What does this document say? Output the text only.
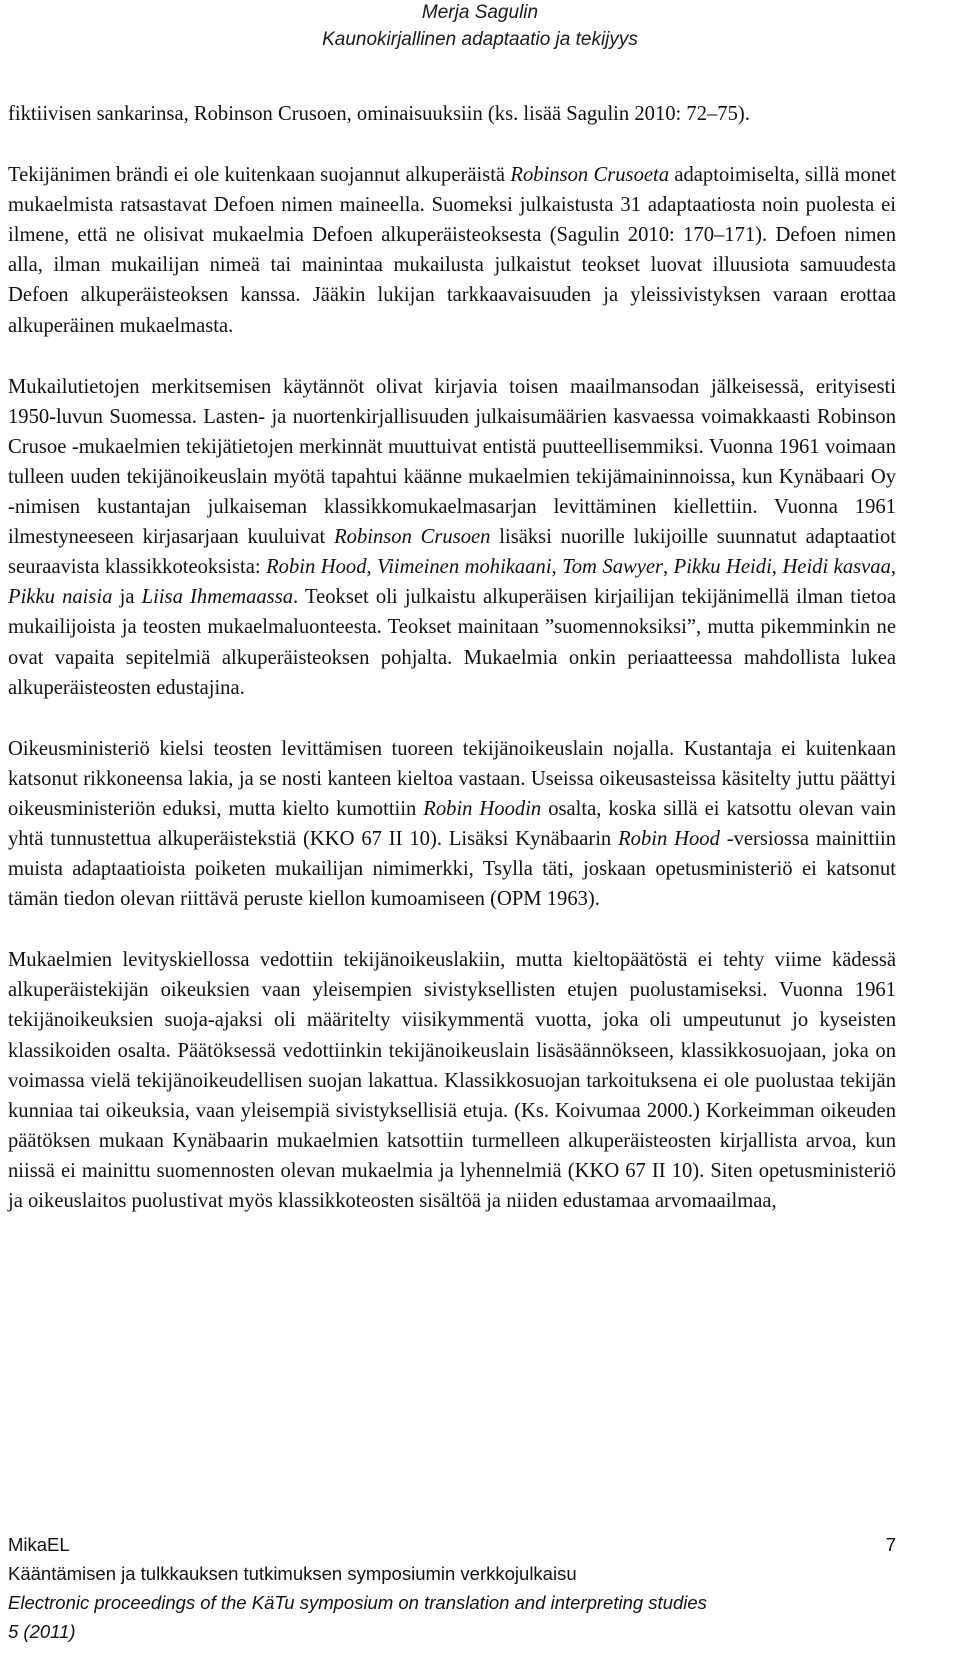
Merja Sagulin
Kaunokirjallinen adaptaatio ja tekijyys

fiktiivisen sankarinsa, Robinson Crusoen, ominaisuuksiin (ks. lisää Sagulin 2010: 72–75).

Tekijänimen brändi ei ole kuitenkaan suojannut alkuperäistä Robinson Crusoeta adaptoimiselta, sillä monet mukaelmista ratsastavat Defoen nimen maineella. Suomeksi julkaistusta 31 adaptaatiosta noin puolesta ei ilmene, että ne olisivat mukaelmia Defoen alkuperäisteoksesta (Sagulin 2010: 170–171). Defoen nimen alla, ilman mukailijan nimeä tai mainintaa mukailusta julkaistut teokset luovat illuusiota samuudesta Defoen alkuperäisteoksen kanssa. Jääkin lukijan tarkkaavaisuuden ja yleissivistyksen varaan erottaa alkuperäinen mukaelmasta.

Mukailutietojen merkitsemisen käytännöt olivat kirjavia toisen maailmansodan jälkeisessä, erityisesti 1950-luvun Suomessa. Lasten- ja nuortenkirjallisuuden julkaisumäärien kasvaessa voimakkaasti Robinson Crusoe -mukaelmien tekijätietojen merkinnät muuttuivat entistä puutteellisemmiksi. Vuonna 1961 voimaan tulleen uuden tekijänoikeuslain myötä tapahtui käänne mukaelmien tekijämaininnoissa, kun Kynäbaari Oy -nimisen kustantajan julkaiseman klassikkomukaelmasarjan levittäminen kiellettiin. Vuonna 1961 ilmestyneeseen kirjasarjaan kuuluivat Robinson Crusoen lisäksi nuorille lukijoille suunnatut adaptaatiot seuraavista klassikkoteoksista: Robin Hood, Viimeinen mohikaani, Tom Sawyer, Pikku Heidi, Heidi kasvaa, Pikku naisia ja Liisa Ihmemaassa. Teokset oli julkaistu alkuperäisen kirjailijan tekijänimellä ilman tietoa mukailijoista ja teosten mukaelmaluonteesta. Teokset mainitaan ”suomennoksiksi”, mutta pikemminkin ne ovat vapaita sepitelmiä alkuperäisteoksen pohjalta. Mukaelmia onkin periaatteessa mahdollista lukea alkuperäisteosten edustajina.

Oikeusministeriö kielsi teosten levittämisen tuoreen tekijänoikeuslain nojalla. Kustantaja ei kuitenkaan katsonut rikkoneensa lakia, ja se nosti kanteen kieltoa vastaan. Useissa oikeusasteissa käsitelty juttu päättyi oikeusministeriön eduksi, mutta kielto kumottiin Robin Hoodin osalta, koska sillä ei katsottu olevan vain yhtä tunnustettua alkuperäistekstiä (KKO 67 II 10). Lisäksi Kynäbaarin Robin Hood -versiossa mainittiin muista adaptaatioista poiketen mukailijan nimimerkki, Tsylla täti, joskaan opetusministeriö ei katsonut tämän tiedon olevan riittävä peruste kiellon kumoamiseen (OPM 1963).

Mukaelmien levityskiellossa vedottiin tekijänoikeuslakiin, mutta kieltopäätöstä ei tehty viime kädessä alkuperäistekijän oikeuksien vaan yleisempien sivistyksellisten etujen puolustamiseksi. Vuonna 1961 tekijänoikeuksien suoja-ajaksi oli määritelty viisikymmentä vuotta, joka oli umpeutunut jo kyseisten klassikoiden osalta. Päätöksessä vedottiinkin tekijänoikeuslain lisäsäännökseen, klassikkosuojaan, joka on voimassa vielä tekijänoikeudellisen suojan lakattua. Klassikkosuojan tarkoituksena ei ole puolustaa tekijän kunniaa tai oikeuksia, vaan yleisempiä sivistyksellisiä etuja. (Ks. Koivumaa 2000.) Korkeimman oikeuden päätöksen mukaan Kynäbaarin mukaelmien katsottiin turmelleen alkuperäisteosten kirjallista arvoa, kun niissä ei mainittu suomennosten olevan mukaelmia ja lyhennelmiä (KKO 67 II 10). Siten opetusministeriö ja oikeuslaitos puolustivat myös klassikkoteosten sisältöä ja niiden edustamaa arvomaailmaa,

MikaEL	7
Kääntämisen ja tulkkauksen tutkimuksen symposiumin verkkojulkaisu
Electronic proceedings of the KäTu symposium on translation and interpreting studies
5 (2011)
